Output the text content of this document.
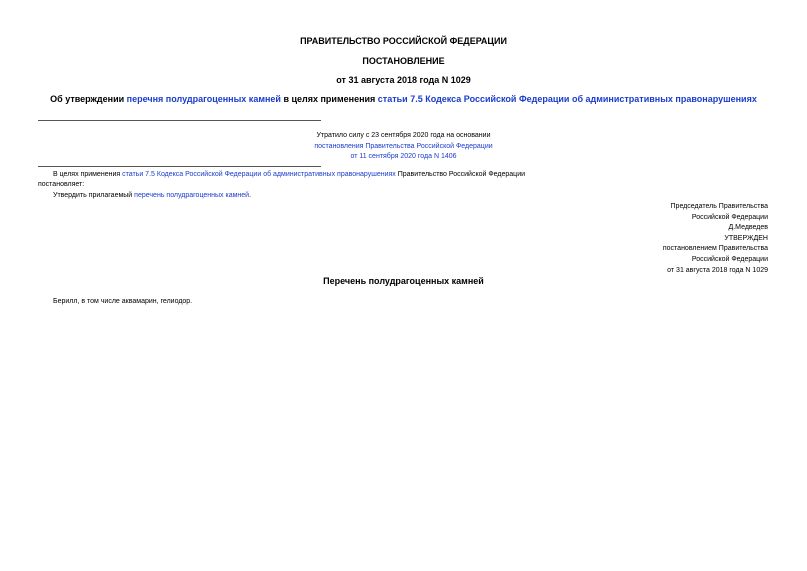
ПРАВИТЕЛЬСТВО РОССИЙСКОЙ ФЕДЕРАЦИИ
ПОСТАНОВЛЕНИЕ
от 31 августа 2018 года N 1029
Об утверждении перечня полудрагоценных камней в целях применения статьи 7.5 Кодекса Российской Федерации об административных правонарушениях
Утратило силу с 23 сентября 2020 года на основании
постановления Правительства Российской Федерации
от 11 сентября 2020 года N 1406
В целях применения статьи 7.5 Кодекса Российской Федерации об административных правонарушениях Правительство Российской Федерации
постановляет:
Утвердить прилагаемый перечень полудрагоценных камней.
Председатель Правительства
Российской Федерации
Д.Медведев
УТВЕРЖДЕН
постановлением Правительства
Российской Федерации
от 31 августа 2018 года N 1029
Перечень полудрагоценных камней
Берилл, в том числе аквамарин, гелиодор.
